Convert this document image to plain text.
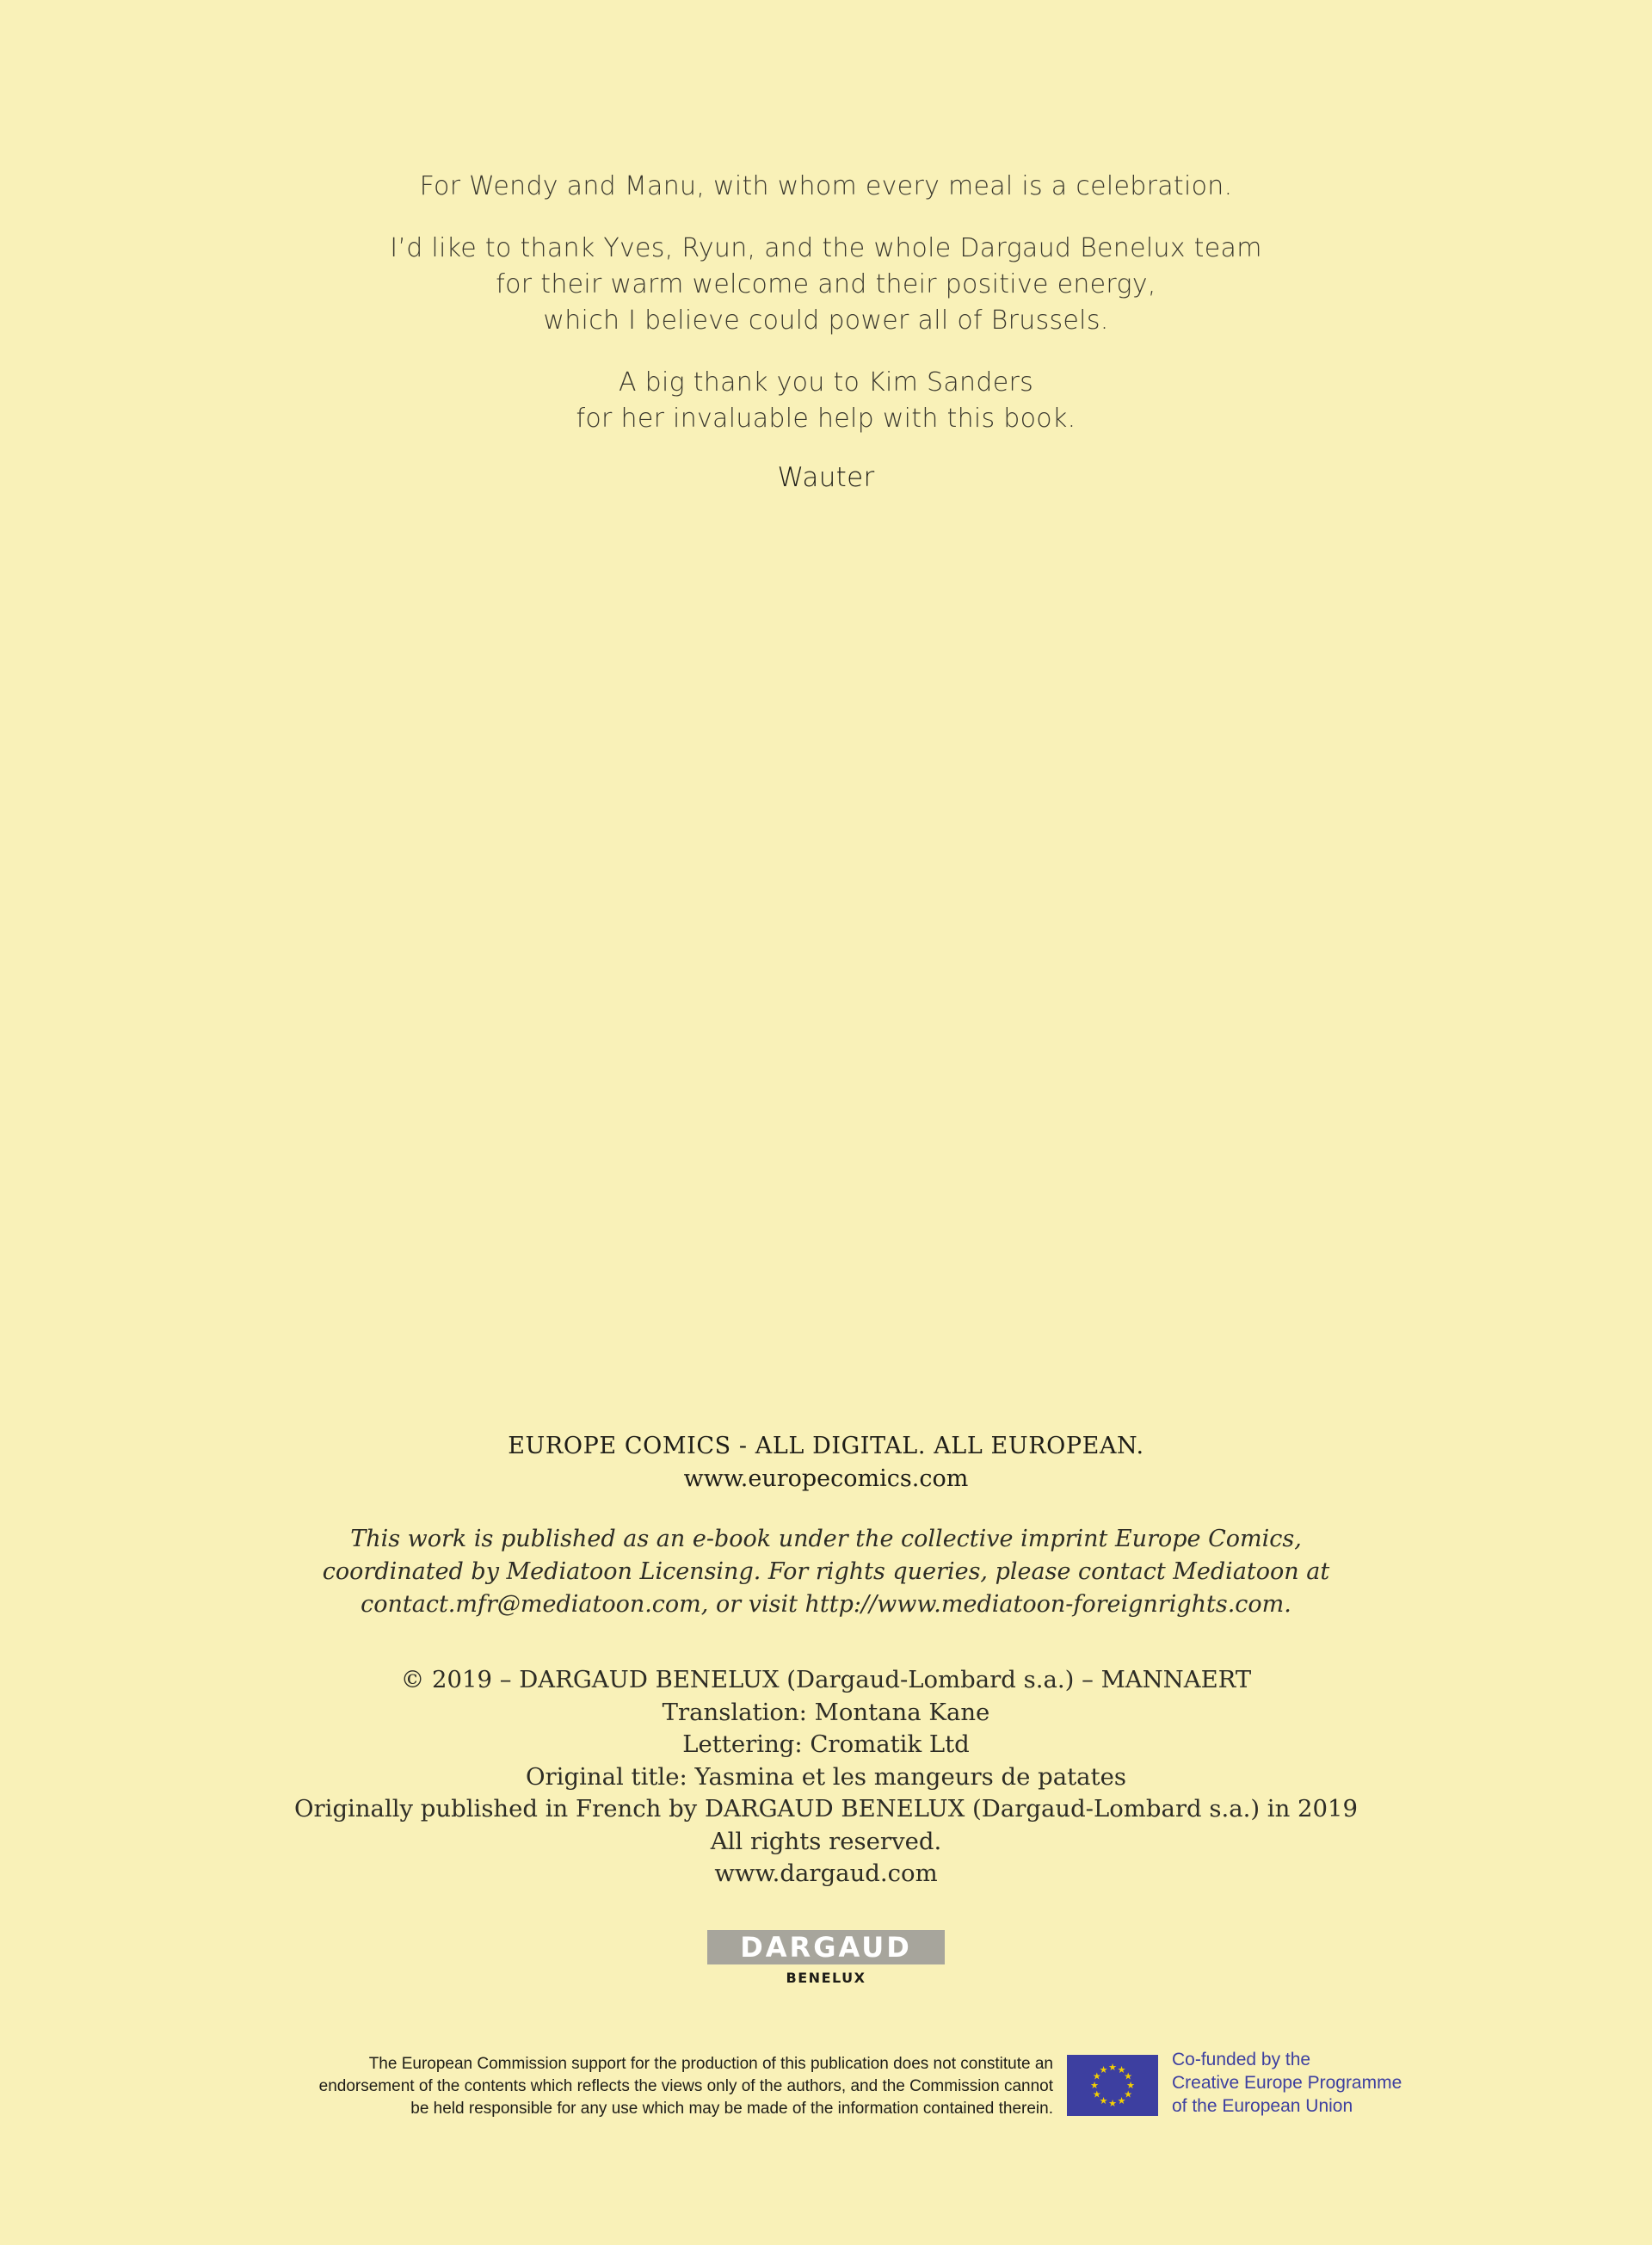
For Wendy and Manu, with whom every meal is a celebration.

I’d like to thank Yves, Ryun, and the whole Dargaud Benelux team
for their warm welcome and their positive energy,
which I believe could power all of Brussels.

A big thank you to Kim Sanders
for her invaluable help with this book.

Wauter

EUROPE COMICS - ALL DIGITAL. ALL EUROPEAN.
www.europecomics.com
This work is published as an e-book under the collective imprint Europe Comics,
coordinated by Mediatoon Licensing. For rights queries, please contact Mediatoon at
contact.mfr@mediatoon.com, or visit http://www.mediatoon-foreignrights.com.
© 2019 – DARGAUD BENELUX (Dargaud-Lombard s.a.) – MANNAERT
Translation: Montana Kane
Lettering: Cromatik Ltd
Original title: Yasmina et les mangeurs de patates
Originally published in French by DARGAUD BENELUX (Dargaud-Lombard s.a.) in 2019
All rights reserved.
www.dargaud.com
DARGAUD
BENELUX
The European Commission support for the production of this publication does not constitute an
endorsement of the contents which reflects the views only of the authors, and the Commission cannot
be held responsible for any use which may be made of the information contained therein.
★ ★
★
★
★
★
★
★
★
★
★
★
Co-funded by the
Creative Europe Programme
of the European Union
